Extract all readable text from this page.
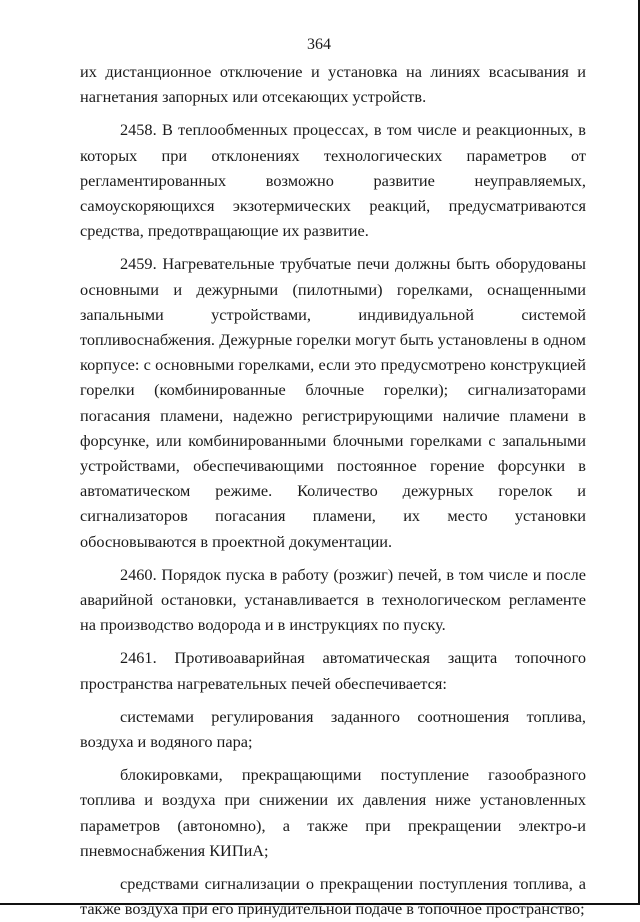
364

их дистанционное отключение и установка на линиях всасывания и нагнетания запорных или отсекающих устройств.

2458. В теплообменных процессах, в том числе и реакционных, в которых при отклонениях технологических параметров от регламентированных возможно развитие неуправляемых, самоускоряющихся экзотермических реакций, предусматриваются средства, предотвращающие их развитие.

2459. Нагревательные трубчатые печи должны быть оборудованы основными и дежурными (пилотными) горелками, оснащенными запальными устройствами, индивидуальной системой топливоснабжения. Дежурные горелки могут быть установлены в одном корпусе: с основными горелками, если это предусмотрено конструкцией горелки (комбинированные блочные горелки); сигнализаторами погасания пламени, надежно регистрирующими наличие пламени в форсунке, или комбинированными блочными горелками с запальными устройствами, обеспечивающими постоянное горение форсунки в автоматическом режиме. Количество дежурных горелок и сигнализаторов погасания пламени, их место установки обосновываются в проектной документации.

2460. Порядок пуска в работу (розжиг) печей, в том числе и после аварийной остановки, устанавливается в технологическом регламенте на производство водорода и в инструкциях по пуску.

2461. Противоаварийная автоматическая защита топочного пространства нагревательных печей обеспечивается:

системами регулирования заданного соотношения топлива, воздуха и водяного пара;

блокировками, прекращающими поступление газообразного топлива и воздуха при снижении их давления ниже установленных параметров (автономно), а также при прекращении электро-и пневмоснабжения КИПиА;

средствами сигнализации о прекращении поступления топлива, а также воздуха при его принудительной подаче в топочное пространство;
